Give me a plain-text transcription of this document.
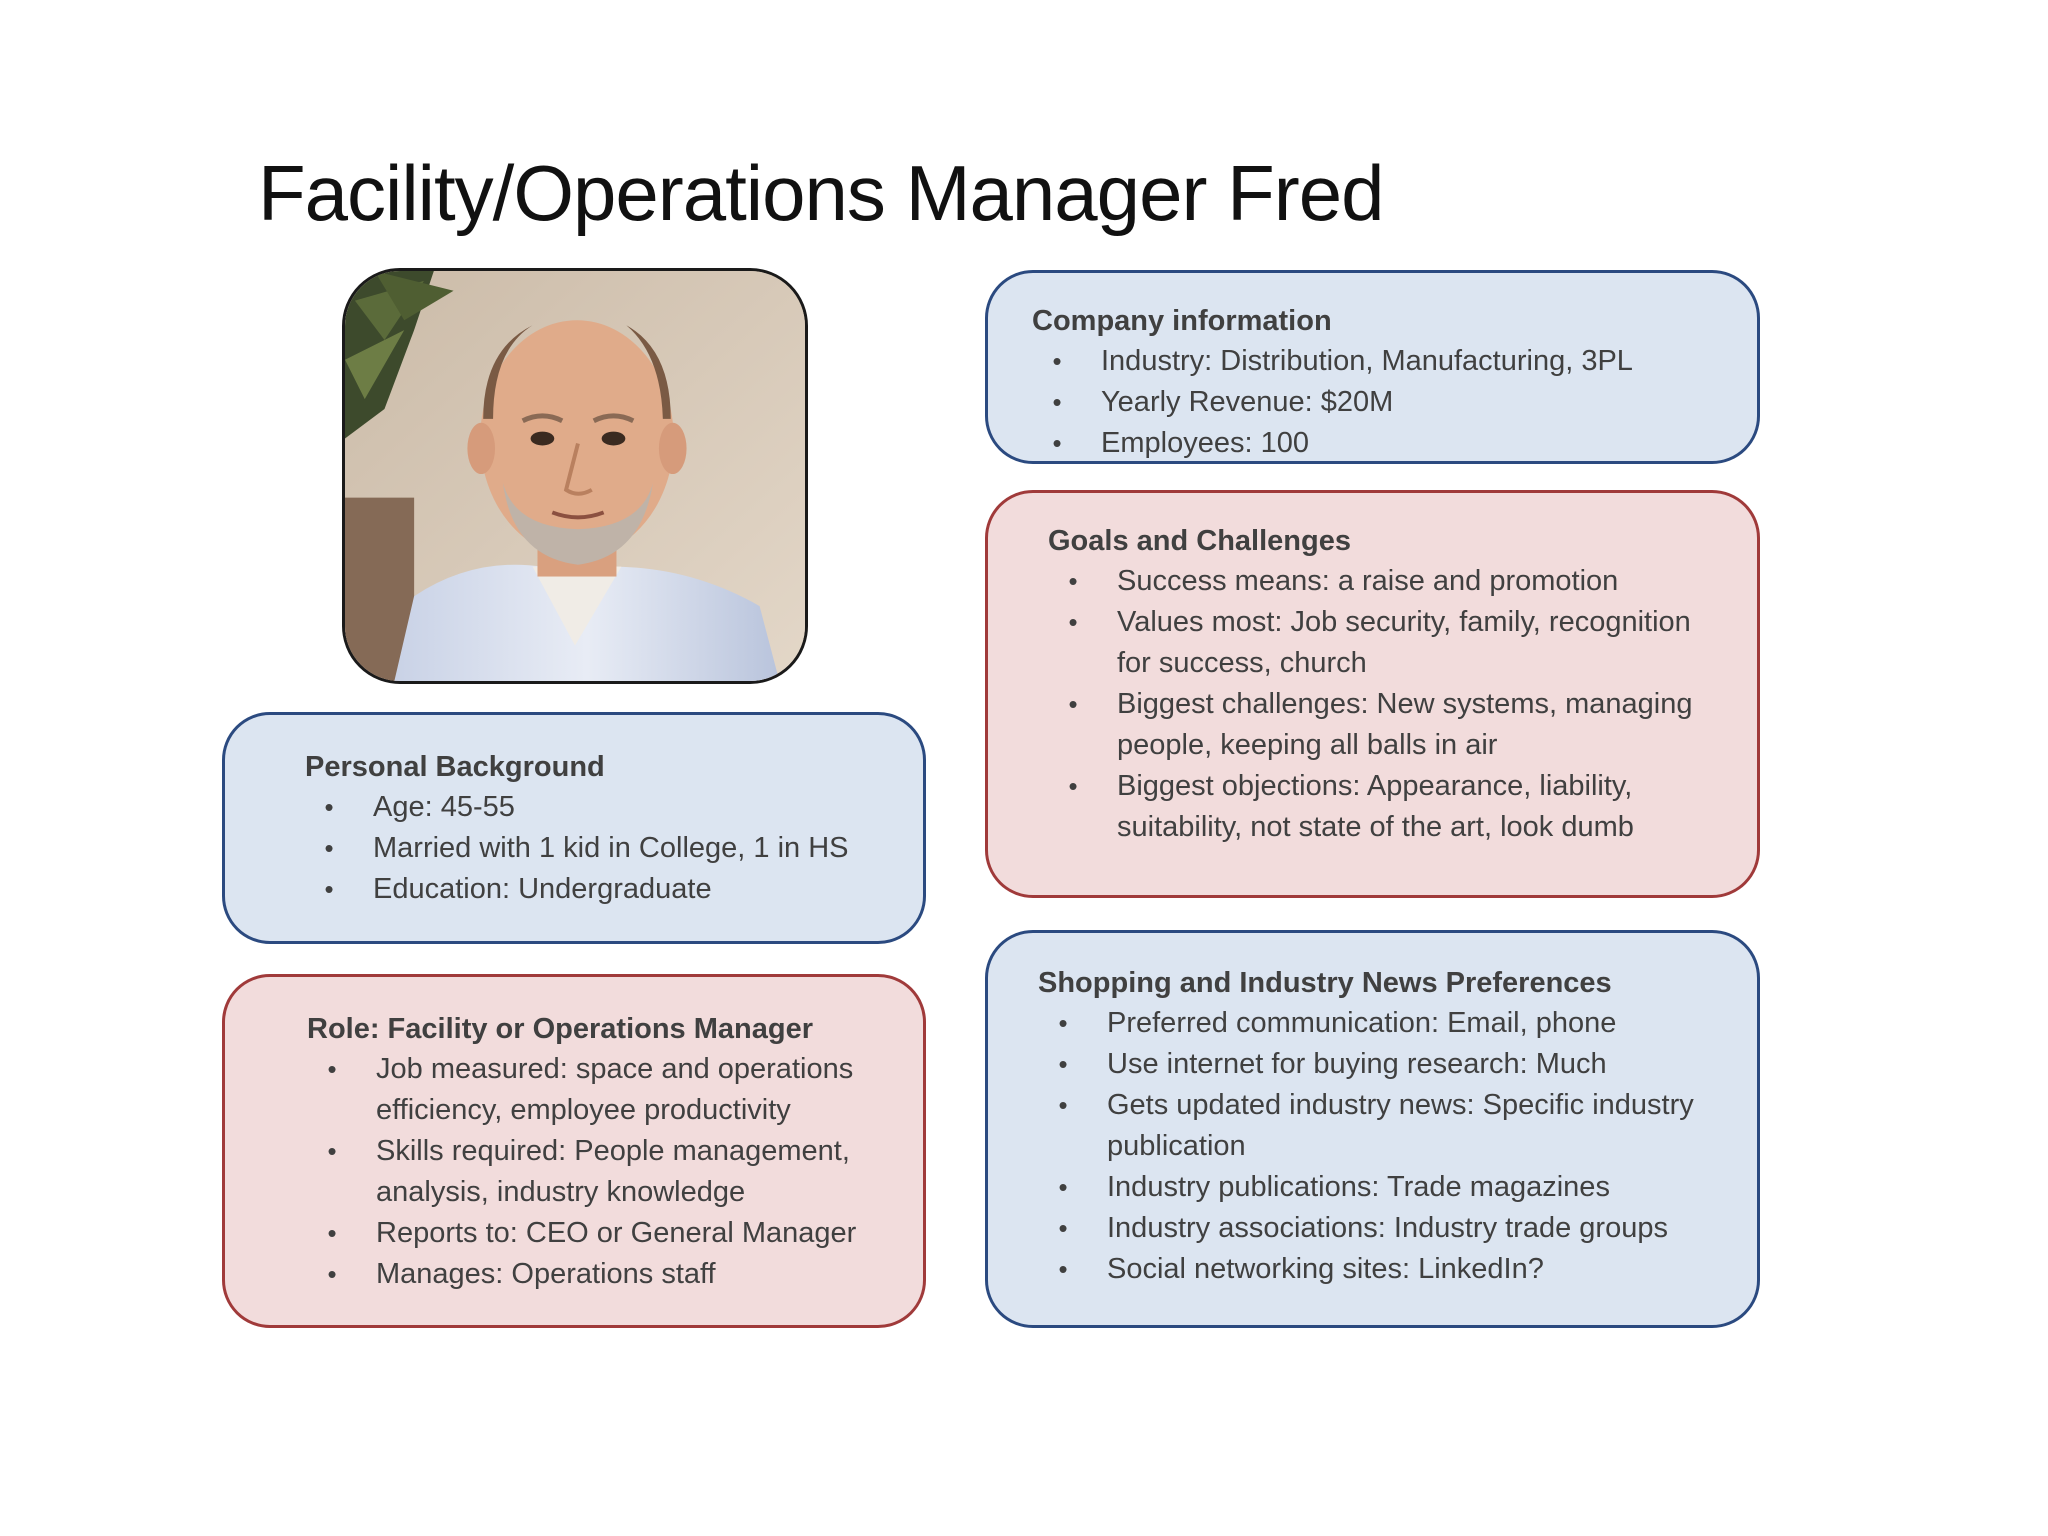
Facility/Operations Manager Fred
Company information
• Industry: Distribution, Manufacturing, 3PL
• Yearly Revenue: $20M
• Employees: 100
Goals and Challenges
• Success means: a raise and promotion
• Values most: Job security, family, recognition for success, church
• Biggest challenges: New systems, managing people, keeping all balls in air
• Biggest objections: Appearance, liability, suitability, not state of the art, look dumb
Personal Background
• Age: 45-55
• Married with 1 kid in College, 1 in HS
• Education: Undergraduate
Role: Facility or Operations Manager
• Job measured: space and operations efficiency, employee productivity
• Skills required: People management, analysis, industry knowledge
• Reports to: CEO or General Manager
• Manages: Operations staff
Shopping and Industry News Preferences
• Preferred communication: Email, phone
• Use internet for buying research: Much
• Gets updated industry news: Specific industry publication
• Industry publications: Trade magazines
• Industry associations: Industry trade groups
• Social networking sites: LinkedIn?
